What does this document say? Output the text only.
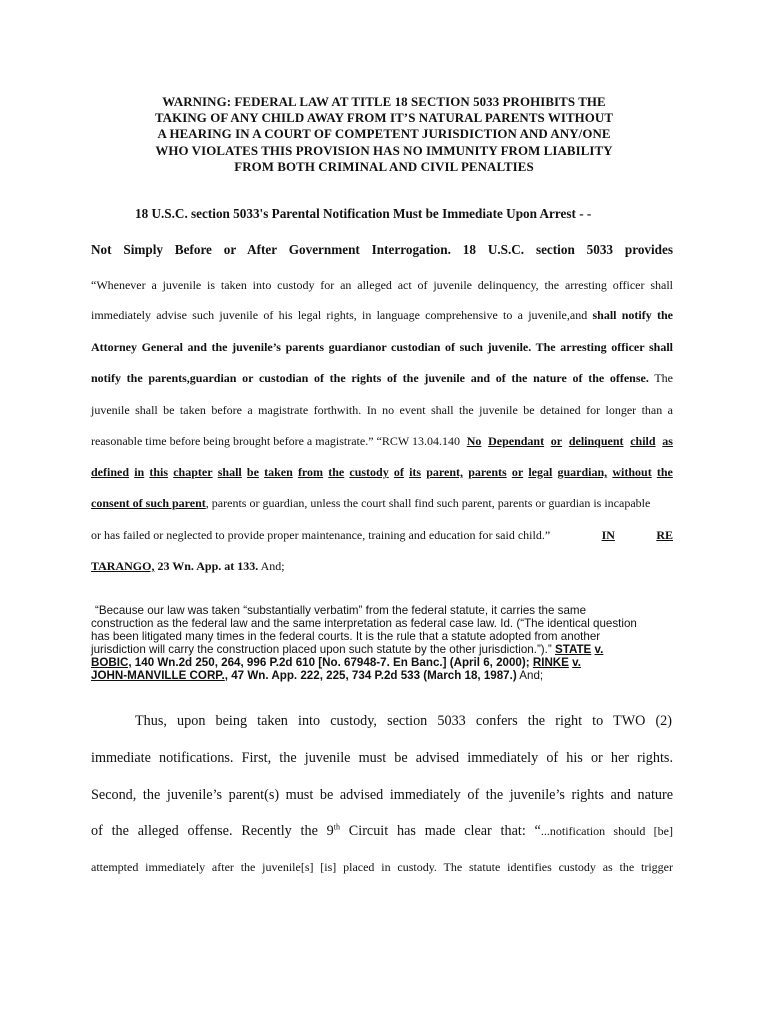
WARNING: FEDERAL LAW AT TITLE 18 SECTION 5033 PROHIBITS THE
TAKING OF ANY CHILD AWAY FROM IT’S NATURAL PARENTS WITHOUT
A HEARING IN A COURT OF COMPETENT JURISDICTION AND ANY/ONE
WHO VIOLATES THIS PROVISION HAS NO IMMUNITY FROM LIABILITY
FROM BOTH CRIMINAL AND CIVIL PENALTIES
18 U.S.C. section 5033's Parental Notification Must be Immediate Upon Arrest - -
Not Simply Before or After Government Interrogation. 18 U.S.C. section 5033 provides
“Whenever a juvenile is taken into custody for an alleged act of juvenile delinquency, the arresting officer shall
immediately advise such juvenile of his legal rights, in language comprehensive to a juvenile,and shall notify the
Attorney General and the juvenile’s parents guardianor custodian of such juvenile. The arresting officer shall
notify the parents,guardian or custodian of the rights of the juvenile and of the nature of the offense. The
juvenile shall be taken before a magistrate forthwith. In no event shall the juvenile be detained for longer than a
reasonable time before being brought before a magistrate.” “RCW 13.04.140 No Dependant or delinquent child as
defined in this chapter shall be taken from the custody of its parent, parents or legal guardian, without the
consent of such parent, parents or guardian, unless the court shall find such parent, parents or guardian is incapable
or has failed or neglected to provide proper maintenance, training and education for said child.”	IN	RE
TARANGO, 23 Wn. App. at 133. And;
“Because our law was taken “substantially verbatim” from the federal statute, it carries the same
construction as the federal law and the same interpretation as federal case law. Id. (“The identical question
has been litigated many times in the federal courts. It is the rule that a statute adopted from another
jurisdiction will carry the construction placed upon such statute by the other jurisdiction.”).” STATE v.
BOBIC, 140 Wn.2d 250, 264, 996 P.2d 610 [No. 67948-7. En Banc.] (April 6, 2000); RINKE v.
JOHN-MANVILLE CORP., 47 Wn. App. 222, 225, 734 P.2d 533 (March 18, 1987.) And;
Thus, upon being taken into custody, section 5033 confers the right to TWO (2)
immediate notifications. First, the juvenile must be advised immediately of his or her rights.
Second, the juvenile’s parent(s) must be advised immediately of the juvenile’s rights and nature
of the alleged offense. Recently the 9th Circuit has made clear that: “...notification should [be]
attempted immediately after the juvenile[s] [is] placed in custody. The statute identifies custody as the trigger
